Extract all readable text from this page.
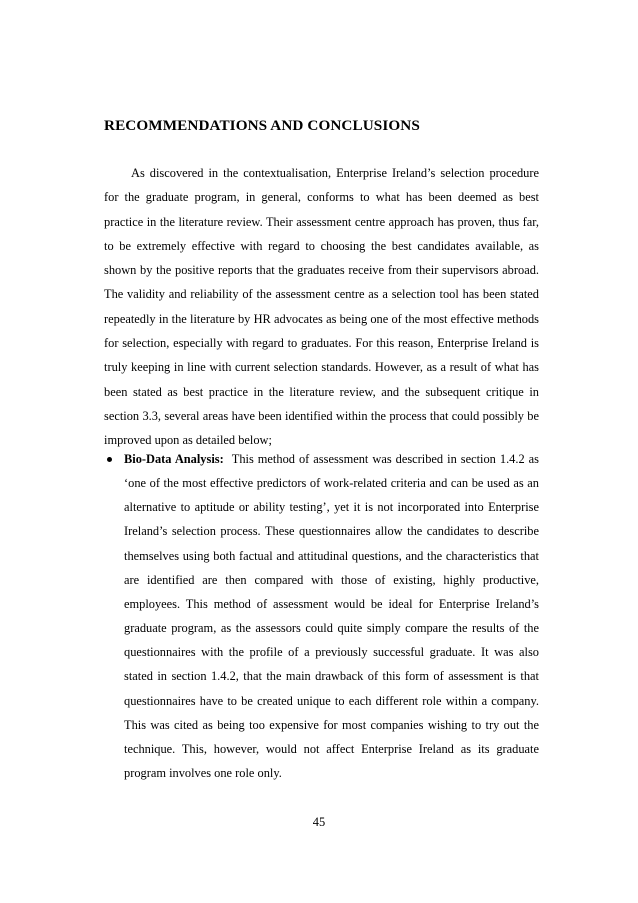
RECOMMENDATIONS AND CONCLUSIONS

As discovered in the contextualisation, Enterprise Ireland’s selection procedure for the graduate program, in general, conforms to what has been deemed as best practice in the literature review. Their assessment centre approach has proven, thus far, to be extremely effective with regard to choosing the best candidates available, as shown by the positive reports that the graduates receive from their supervisors abroad. The validity and reliability of the assessment centre as a selection tool has been stated repeatedly in the literature by HR advocates as being one of the most effective methods for selection, especially with regard to graduates. For this reason, Enterprise Ireland is truly keeping in line with current selection standards. However, as a result of what has been stated as best practice in the literature review, and the subsequent critique in section 3.3, several areas have been identified within the process that could possibly be improved upon as detailed below;

Bio-Data Analysis: This method of assessment was described in section 1.4.2 as ‘one of the most effective predictors of work-related criteria and can be used as an alternative to aptitude or ability testing’, yet it is not incorporated into Enterprise Ireland’s selection process. These questionnaires allow the candidates to describe themselves using both factual and attitudinal questions, and the characteristics that are identified are then compared with those of existing, highly productive, employees. This method of assessment would be ideal for Enterprise Ireland’s graduate program, as the assessors could quite simply compare the results of the questionnaires with the profile of a previously successful graduate. It was also stated in section 1.4.2, that the main drawback of this form of assessment is that questionnaires have to be created unique to each different role within a company. This was cited as being too expensive for most companies wishing to try out the technique. This, however, would not affect Enterprise Ireland as its graduate program involves one role only.

45
